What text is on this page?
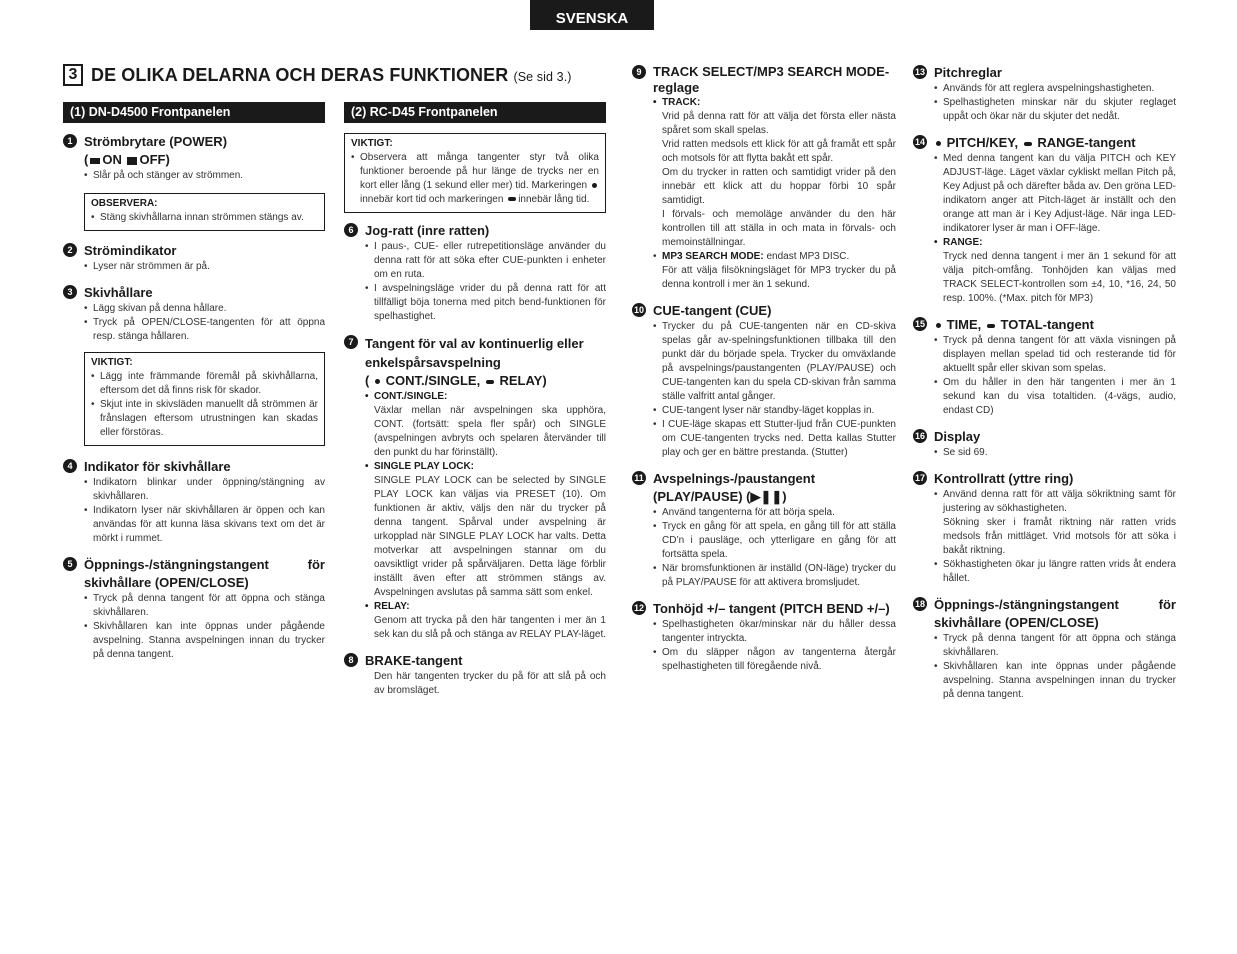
SVENSKA
3 DE OLIKA DELARNA OCH DERAS FUNKTIONER (Se sid 3.)
(1) DN-D4500 Frontpanelen
1 Strömbrytare (POWER)
( ON OFF)
• Slår på och stänger av strömmen.
OBSERVERA:
• Stäng skivhållarna innan strömmen stängs av.
2 Strömindikator
• Lyser när strömmen är på.
3 Skivhållare
• Lägg skivan på denna hållare.
• Tryck på OPEN/CLOSE-tangenten för att öppna resp. stänga hållaren.
VIKTIGT:
• Lägg inte främmande föremål på skivhållarna, eftersom det då finns risk för skador.
• Skjut inte in skivsläden manuellt då strömmen är frånslagen eftersom utrustningen kan skadas eller förstöras.
4 Indikator för skivhållare
• Indikatorn blinkar under öppning/stängning av skivhållaren.
• Indikatorn lyser när skivhållaren är öppen och kan användas för att kunna läsa skivans text om det är mörkt i rummet.
5 Öppnings-/stängningstangent för skivhållare (OPEN/CLOSE)
• Tryck på denna tangent för att öppna och stänga skivhållaren.
• Skivhållaren kan inte öppnas under pågående avspelning. Stanna avspelningen innan du trycker på denna tangent.
(2) RC-D45 Frontpanelen
VIKTIGT:
• Observera att många tangenter styr två olika funktioner beroende på hur länge de trycks ner en kort eller lång (1 sekund eller mer) tid. Markeringen innebär kort tid och markeringen innebär lång tid.
6 Jog-ratt (inre ratten)
• I paus-, CUE- eller rutrepetitionsläge använder du denna ratt för att söka efter CUE-punkten i enheter om en ruta.
• I avspelningsläge vrider du på denna ratt för att tillfälligt böja tonerna med pitch bend-funktionen för spelhastighet.
7 Tangent för val av kontinuerlig eller enkelspårsavspelning
(  CONT./SINGLE, RELAY)
• CONT./SINGLE:
Växlar mellan när avspelningen ska upphöra, CONT. (fortsätt: spela fler spår) och SINGLE (avspelningen avbryts och spelaren återvänder till den punkt du har förinställt).
• SINGLE PLAY LOCK:
SINGLE PLAY LOCK can be selected by SINGLE PLAY LOCK kan väljas via PRESET (10). Om funktionen är aktiv, väljs den när du trycker på denna tangent. Spårval under avspelning är urkopplad när SINGLE PLAY LOCK har valts. Detta motverkar att avspelningen stannar om du oavsiktligt vrider på spårväljaren. Detta läge förblir inställt även efter att strömmen stängs av. Avspelningen avslutas på samma sätt som enkel.
• RELAY:
Genom att trycka på den här tangenten i mer än 1 sek kan du slå på och stänga av RELAY PLAY-läget.
8 BRAKE-tangent
Den här tangenten trycker du på för att slå på och av bromsläget.
9 TRACK SELECT/MP3 SEARCH MODE-reglage
• TRACK:
Vrid på denna ratt för att välja det första eller nästa spåret som skall spelas.
Vrid ratten medsols ett klick för att gå framåt ett spår och motsols för att flytta bakåt ett spår.
Om du trycker in ratten och samtidigt vrider på den innebär ett klick att du hoppar förbi 10 spår samtidigt.
I förvals- och memoläge använder du den här kontrollen till att ställa in och mata in förvals- och memoinställningar.
• MP3 SEARCH MODE: endast MP3 DISC.
För att välja filsökningsläget för MP3 trycker du på denna kontroll i mer än 1 sekund.
10 CUE-tangent (CUE)
• Trycker du på CUE-tangenten när en CD-skiva spelas går av-spelningsfunktionen tillbaka till den punkt där du började spela. Trycker du omväxlande på avspelnings/paustangenten (PLAY/PAUSE) och CUE-tangenten kan du spela CD-skivan från samma ställe valfritt antal gånger.
• CUE-tangent lyser när standby-läget kopplas in.
• I CUE-läge skapas ett Stutter-ljud från CUE-punkten om CUE-tangenten trycks ned. Detta kallas Stutter play och ger en bättre prestanda. (Stutter)
11 Avspelnings-/paustangent (PLAY/PAUSE) (▶❚❚)
• Använd tangenterna för att börja spela.
• Tryck en gång för att spela, en gång till för att ställa CD’n i pausläge, och ytterligare en gång för att fortsätta spela.
• När bromsfunktionen är inställd (ON-läge) trycker du på PLAY/PAUSE för att aktivera bromsljudet.
12 Tonhöjd +/– tangent (PITCH BEND +/–)
• Spelhastigheten ökar/minskar när du håller dessa tangenter intryckta.
• Om du släpper någon av tangenterna återgår spelhastigheten till föregående nivå.
13 Pitchreglar
• Används för att reglera avspelningshastigheten.
• Spelhastigheten minskar när du skjuter reglaget uppåt och ökar när du skjuter det nedåt.
14	PITCH/KEY, RANGE-tangent
• Med denna tangent kan du välja PITCH och KEY ADJUST-läge. Läget växlar cykliskt mellan Pitch på, Key Adjust på och därefter båda av. Den gröna LED-indikatorn anger att Pitch-läget är inställt och den orange att man är i Key Adjust-läge. När inga LED-indikatorer lyser är man i OFF-läge.
• RANGE:
Tryck ned denna tangent i mer än 1 sekund för att välja pitch-omfång. Tonhöjden kan väljas med TRACK SELECT-kontrollen som ±4, 10, *16, 24, 50 resp. 100%. (*Max. pitch för MP3)
15	TIME, TOTAL-tangent
• Tryck på denna tangent för att växla visningen på displayen mellan spelad tid och resterande tid för aktuellt spår eller skivan som spelas.
• Om du håller in den här tangenten i mer än 1 sekund kan du visa totaltiden. (4-vägs, audio, endast CD)
16 Display
• Se sid 69.
17 Kontrollratt (yttre ring)
• Använd denna ratt för att välja sökriktning samt för justering av sökhastigheten.
Sökning sker i framåt riktning när ratten vrids medsols från mittläget. Vrid motsols för att söka i bakåt riktning.
• Sökhastigheten ökar ju längre ratten vrids åt endera hållet.
18 Öppnings-/stängningstangent för skivhållare (OPEN/CLOSE)
• Tryck på denna tangent för att öppna och stänga skivhållaren.
• Skivhållaren kan inte öppnas under pågående avspelning. Stanna avspelningen innan du trycker på denna tangent.
